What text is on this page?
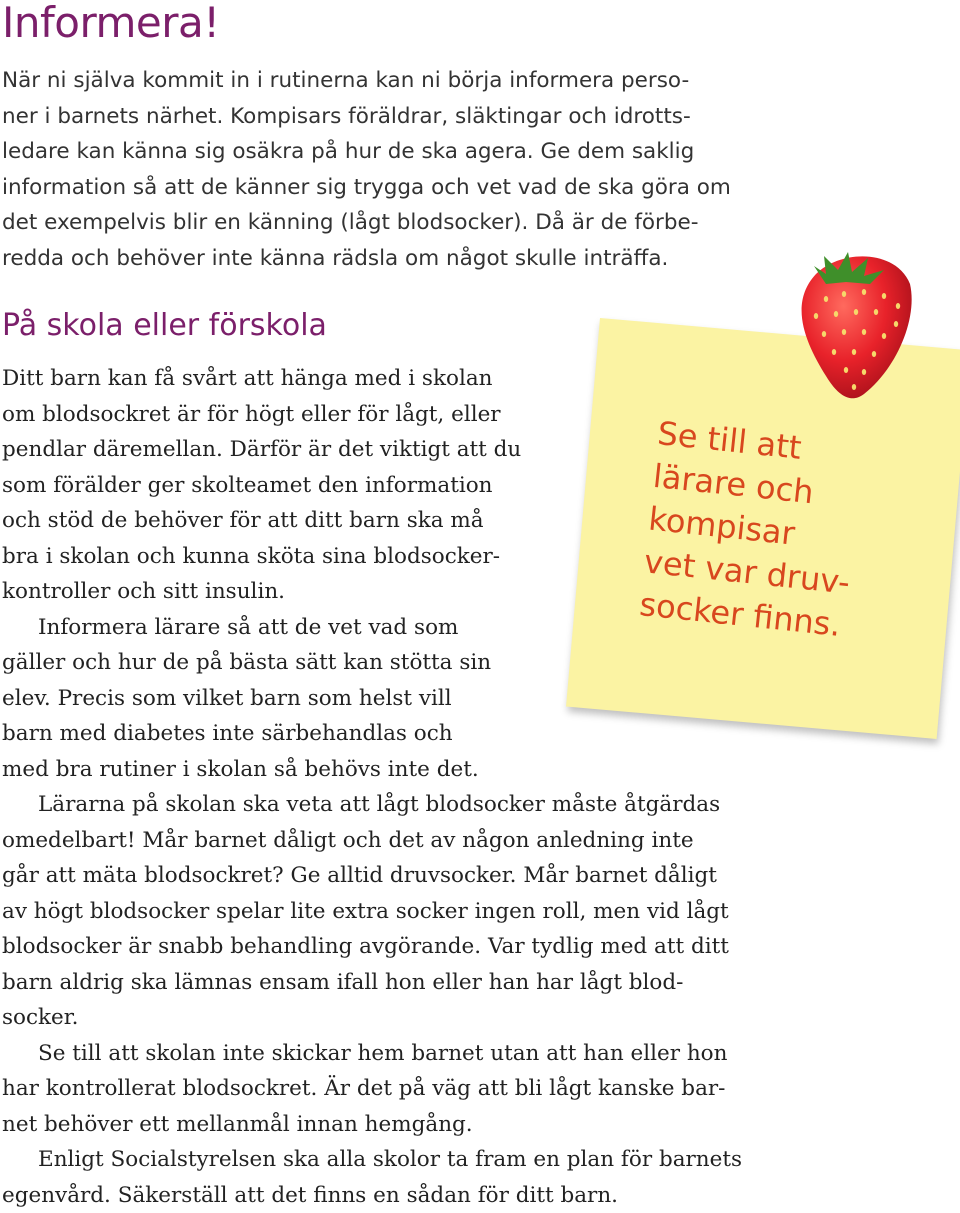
Informera!
När ni själva kommit in i rutinerna kan ni börja informera perso-
ner i barnets närhet. Kompisars föräldrar, släktingar och idrotts-
ledare kan känna sig osäkra på hur de ska agera. Ge dem saklig
information så att de känner sig trygga och vet vad de ska göra om
det exempelvis blir en känning (lågt blodsocker). Då är de förbe-
redda och behöver inte känna rädsla om något skulle inträffa.
På skola eller förskola
Se till att
lärare och
kompisar
vet var druv-
socker finns.
Ditt barn kan få svårt att hänga med i skolan
om blodsockret är för högt eller för lågt, eller
pendlar däremellan. Därför är det viktigt att du
som förälder ger skolteamet den information
och stöd de behöver för att ditt barn ska må
bra i skolan och kunna sköta sina blodsocker-
kontroller och sitt insulin.
Informera lärare så att de vet vad som
gäller och hur de på bästa sätt kan stötta sin
elev. Precis som vilket barn som helst vill
barn med diabetes inte särbehandlas och
med bra rutiner i skolan så behövs inte det.
Lärarna på skolan ska veta att lågt blodsocker måste åtgärdas
omedelbart! Mår barnet dåligt och det av någon anledning inte
går att mäta blodsockret? Ge alltid druvsocker. Mår barnet dåligt
av högt blodsocker spelar lite extra socker ingen roll, men vid lågt
blodsocker är snabb behandling avgörande. Var tydlig med att ditt
barn aldrig ska lämnas ensam ifall hon eller han har lågt blod-
socker.
Se till att skolan inte skickar hem barnet utan att han eller hon
har kontrollerat blodsockret. Är det på väg att bli lågt kanske bar-
net behöver ett mellanmål innan hemgång.
Enligt Socialstyrelsen ska alla skolor ta fram en plan för barnets
egenvård. Säkerställ att det finns en sådan för ditt barn.
